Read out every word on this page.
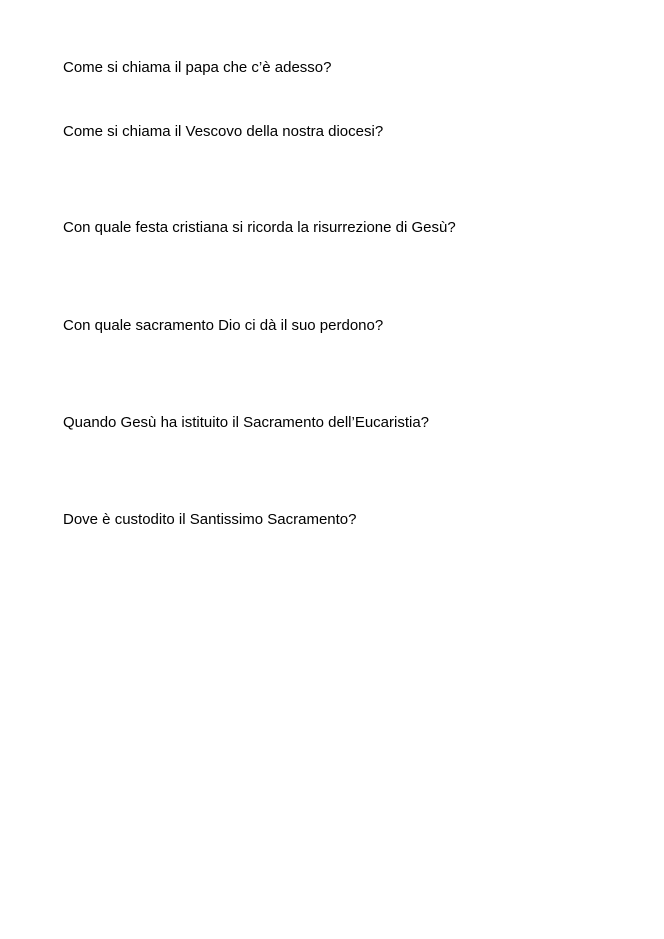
Come si chiama il papa che c’è adesso?

Come si chiama il Vescovo della nostra diocesi?

Con quale festa cristiana si ricorda la risurrezione di Gesù?

Con quale sacramento Dio ci dà il suo perdono?

Quando Gesù ha istituito il Sacramento dell’Eucaristia?

Dove è custodito il Santissimo Sacramento?
